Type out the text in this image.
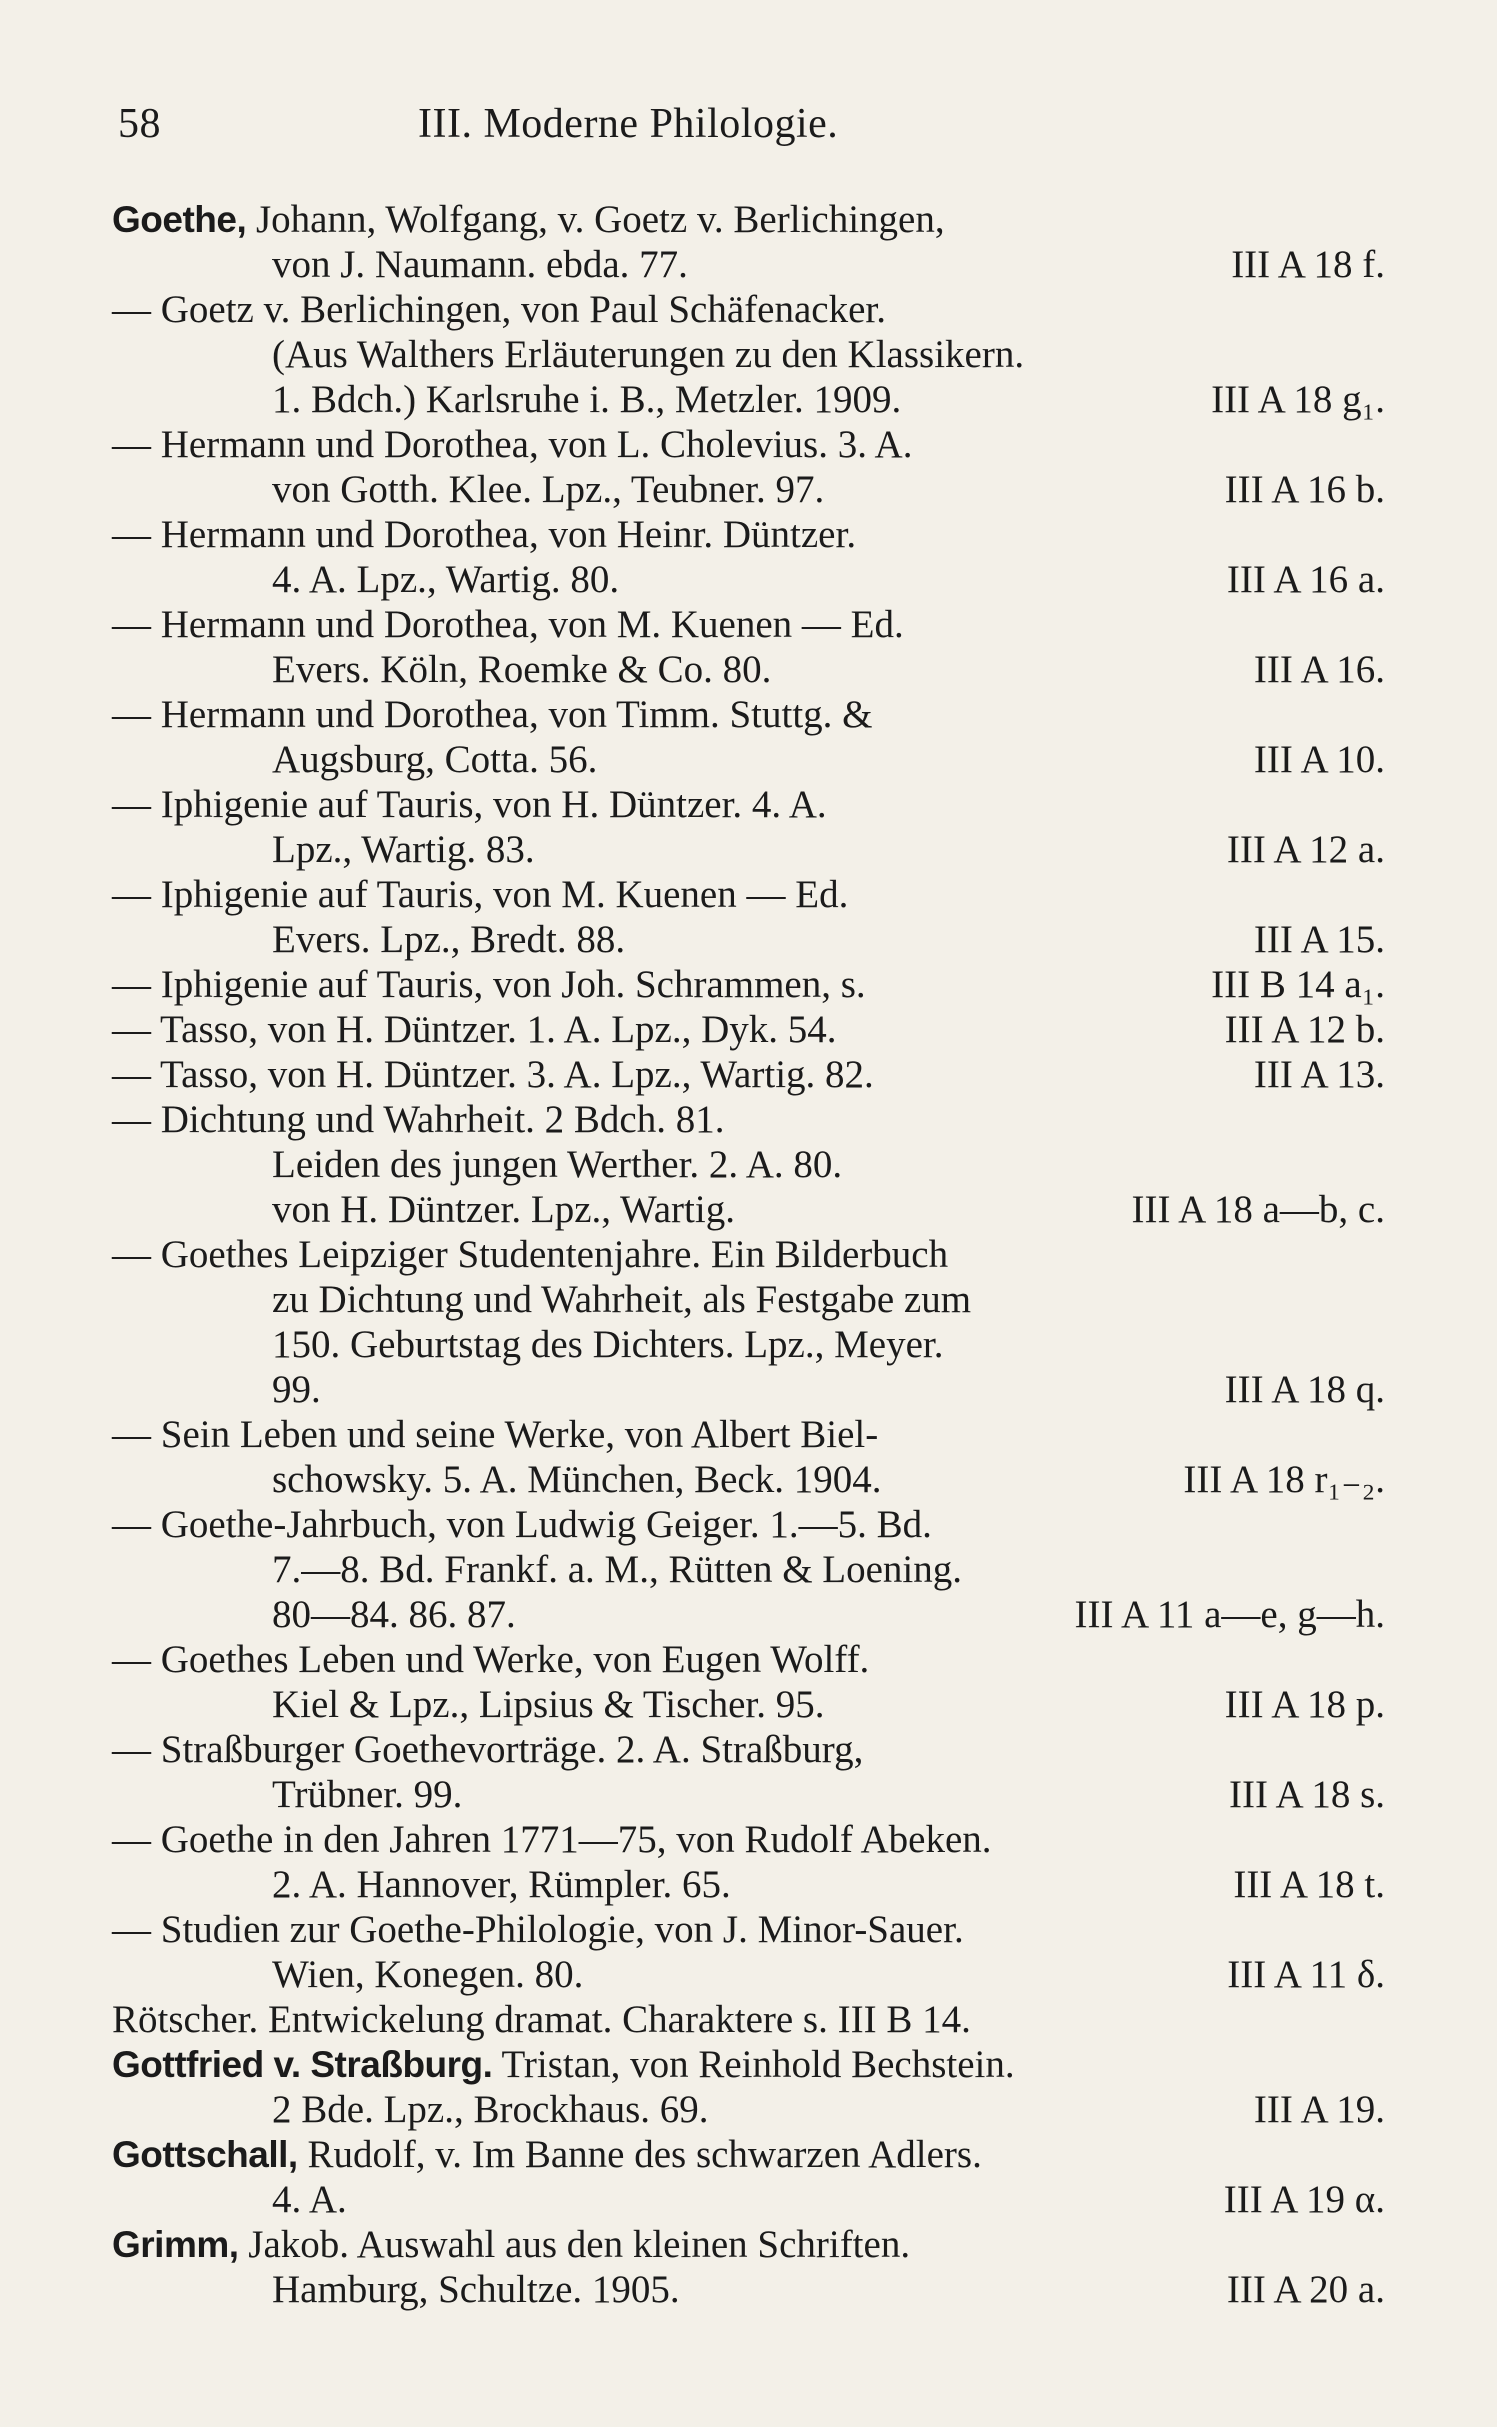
58	III. Moderne Philologie.
Goethe, Johann, Wolfgang, v. Goetz v. Berlichingen,
von J. Naumann. ebda. 77.	III A 18 f.
— Goetz v. Berlichingen, von Paul Schäfenacker.
(Aus Walthers Erläuterungen zu den Klassikern.
1. Bdch.) Karlsruhe i. B., Metzler. 1909.	III A 18 g₁.
— Hermann und Dorothea, von L. Cholevius. 3. A.
von Gotth. Klee. Lpz., Teubner. 97.	III A 16 b.
— Hermann und Dorothea, von Heinr. Düntzer.
4. A. Lpz., Wartig. 80.	III A 16 a.
— Hermann und Dorothea, von M. Kuenen — Ed.
Evers. Köln, Roemke & Co. 80.	III A 16.
— Hermann und Dorothea, von Timm. Stuttg. &
Augsburg, Cotta. 56.	III A 10.
— Iphigenie auf Tauris, von H. Düntzer. 4. A.
Lpz., Wartig. 83.	III A 12 a.
— Iphigenie auf Tauris, von M. Kuenen — Ed.
Evers. Lpz., Bredt. 88.	III A 15.
— Iphigenie auf Tauris, von Joh. Schrammen, s.	III B 14 a₁.
— Tasso, von H. Düntzer. 1. A. Lpz., Dyk. 54.	III A 12 b.
— Tasso, von H. Düntzer. 3. A. Lpz., Wartig. 82.	III A 13.
— Dichtung und Wahrheit. 2 Bdch. 81.
Leiden des jungen Werther. 2. A. 80.
von H. Düntzer. Lpz., Wartig.	III A 18 a—b, c.
— Goethes Leipziger Studentenjahre. Ein Bilderbuch
zu Dichtung und Wahrheit, als Festgabe zum
150. Geburtstag des Dichters. Lpz., Meyer.
99.	III A 18 q.
— Sein Leben und seine Werke, von Albert Biel-
schowsky. 5. A. München, Beck. 1904.	III A 18 r₁₋₂.
— Goethe-Jahrbuch, von Ludwig Geiger. 1.—5. Bd.
7.—8. Bd. Frankf. a. M., Rütten & Loening.
80—84. 86. 87.	III A 11 a—e, g—h.
— Goethes Leben und Werke, von Eugen Wolff.
Kiel & Lpz., Lipsius & Tischer. 95.	III A 18 p.
— Straßburger Goethevorträge. 2. A. Straßburg,
Trübner. 99.	III A 18 s.
— Goethe in den Jahren 1771—75, von Rudolf Abeken.
2. A. Hannover, Rümpler. 65.	III A 18 t.
— Studien zur Goethe-Philologie, von J. Minor-Sauer.
Wien, Konegen. 80.	III A 11 δ.
Rötscher. Entwickelung dramat. Charaktere s. III B 14.
Gottfried v. Straßburg. Tristan, von Reinhold Bechstein.
2 Bde. Lpz., Brockhaus. 69.	III A 19.
Gottschall, Rudolf, v. Im Banne des schwarzen Adlers.
4. A.	III A 19 α.
Grimm, Jakob. Auswahl aus den kleinen Schriften.
Hamburg, Schultze. 1905.	III A 20 a.
